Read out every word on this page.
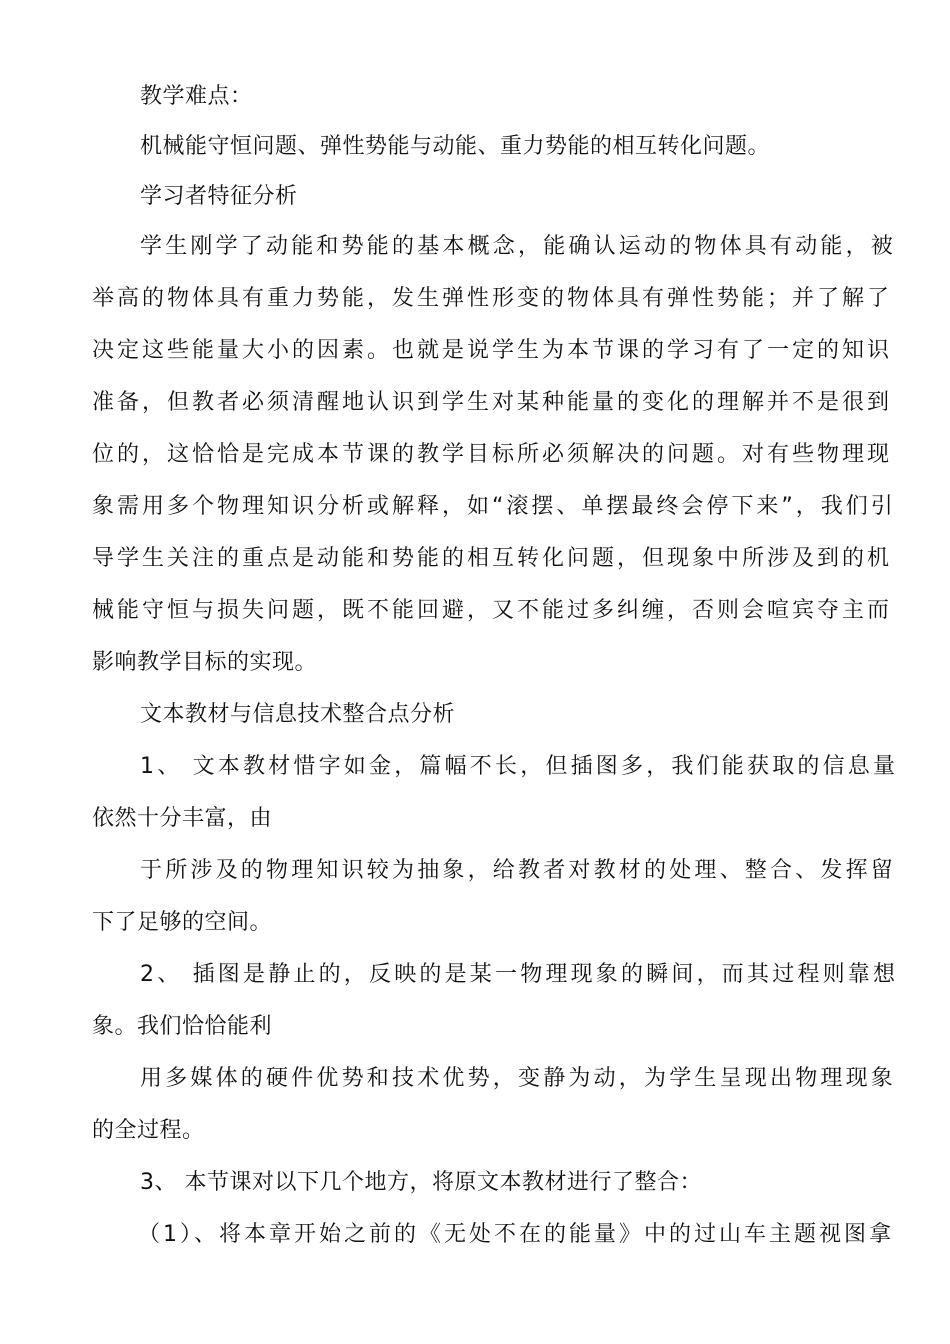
教学难点：
机械能守恒问题、弹性势能与动能、重力势能的相互转化问题。
学习者特征分析
学生刚学了动能和势能的基本概念，能确认运动的物体具有动能，被
举高的物体具有重力势能，发生弹性形变的物体具有弹性势能；并了解了
决定这些能量大小的因素。也就是说学生为本节课的学习有了一定的知识
准备，但教者必须清醒地认识到学生对某种能量的变化的理解并不是很到
位的，这恰恰是完成本节课的教学目标所必须解决的问题。对有些物理现
象需用多个物理知识分析或解释，如“滚摆、单摆最终会停下来”，我们引
导学生关注的重点是动能和势能的相互转化问题，但现象中所涉及到的机
械能守恒与损失问题，既不能回避，又不能过多纠缠，否则会喧宾夺主而
影响教学目标的实现。
文本教材与信息技术整合点分析
1、 文本教材惜字如金，篇幅不长，但插图多，我们能获取的信息量
依然十分丰富，由
于所涉及的物理知识较为抽象，给教者对教材的处理、整合、发挥留
下了足够的空间。
2、 插图是静止的，反映的是某一物理现象的瞬间，而其过程则靠想
象。我们恰恰能利
用多媒体的硬件优势和技术优势，变静为动，为学生呈现出物理现象
的全过程。
3、 本节课对以下几个地方，将原文本教材进行了整合：
（1）、将本章开始之前的《无处不在的能量》中的过山车主题视图拿
